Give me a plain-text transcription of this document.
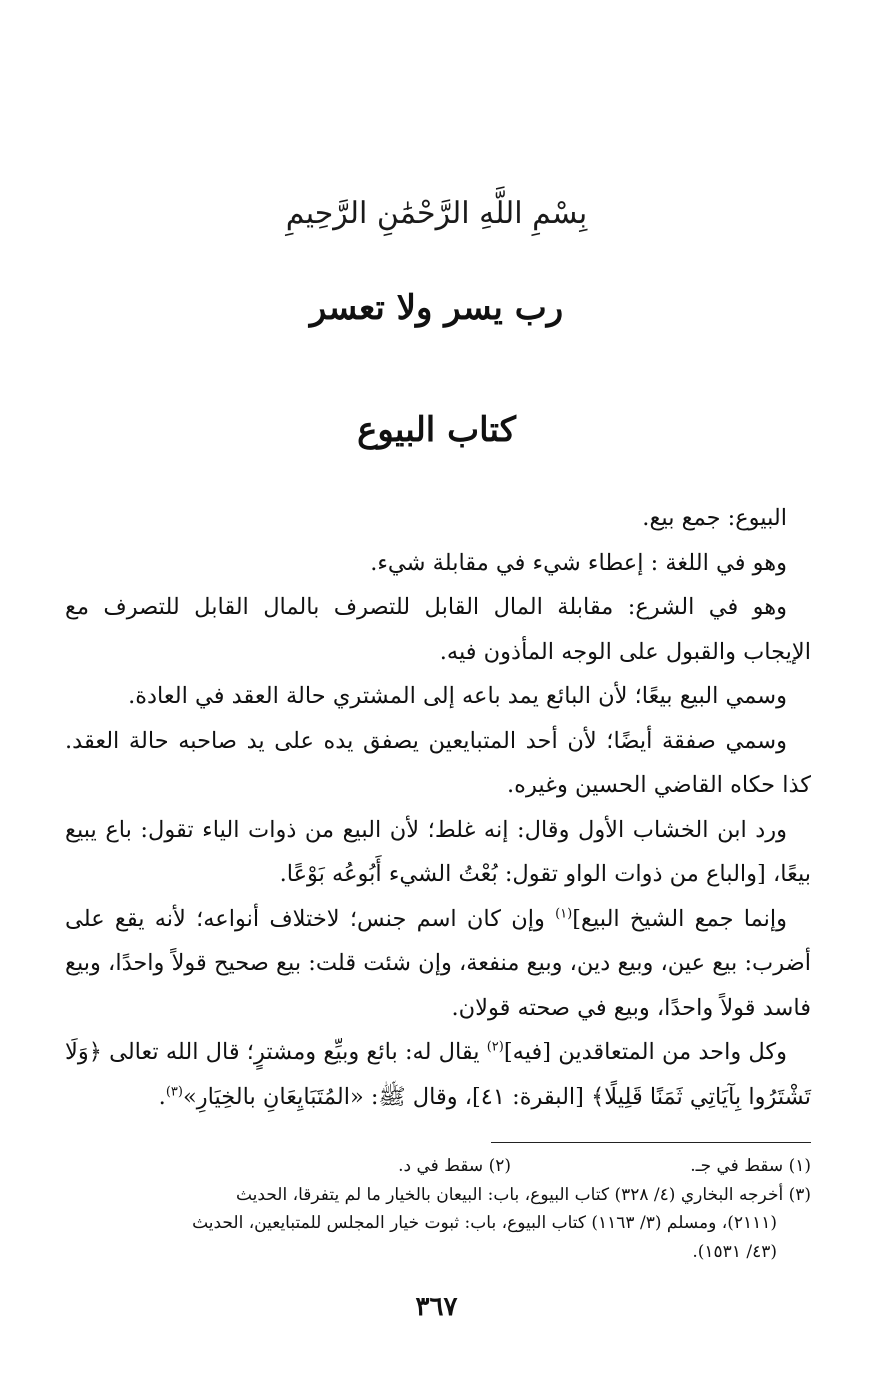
بِسْمِ اللَّهِ الرَّحْمَٰنِ الرَّحِيمِ
رب يسر ولا تعسر
كتاب البيوع

البيوع: جمع بيع.

وهو في اللغة : إعطاء شيء في مقابلة شيء.

وهو في الشرع: مقابلة المال القابل للتصرف بالمال القابل للتصرف مع الإيجاب والقبول على الوجه المأذون فيه.

وسمي البيع بيعًا؛ لأن البائع يمد باعه إلى المشتري حالة العقد في العادة.

وسمي صفقة أيضًا؛ لأن أحد المتبايعين يصفق يده على يد صاحبه حالة العقد. كذا حكاه القاضي الحسين وغيره.

ورد ابن الخشاب الأول وقال: إنه غلط؛ لأن البيع من ذوات الياء تقول: باع يبيع بيعًا، [والباع من ذوات الواو تقول: بُعْتُ الشيء أَبُوعُه بَوْعًا.

وإنما جمع الشيخ البيع]$^{(١)}$ وإن كان اسم جنس؛ لاختلاف أنواعه؛ لأنه يقع على أضرب: بيع عين، وبيع دين، وبيع منفعة، وإن شئت قلت: بيع صحيح قولاً واحدًا، وبيع فاسد قولاً واحدًا، وبيع في صحته قولان.

وكل واحد من المتعاقدين [فيه]$^{(٢)}$ يقال له: بائع وبيِّع ومشترٍ؛ قال الله تعالى ﴿وَلَا تَشْتَرُوا بِآيَاتِي ثَمَنًا قَلِيلًا﴾ [البقرة: ٤١]، وقال ﷺ: «المُتَبَايِعَانِ بالخِيَارِ»$^{(٣)}$.

(١) سقط في جـ.
(٢) سقط في د.

(٣) أخرجه البخاري (٤/ ٣٢٨) كتاب البيوع، باب: البيعان بالخيار ما لم يتفرقا، الحديث

(٢١١١)، ومسلم (٣/ ١١٦٣) كتاب البيوع، باب: ثبوت خيار المجلس للمتبايعين، الحديث

(٤٣/ ١٥٣١).

٣٦٧
